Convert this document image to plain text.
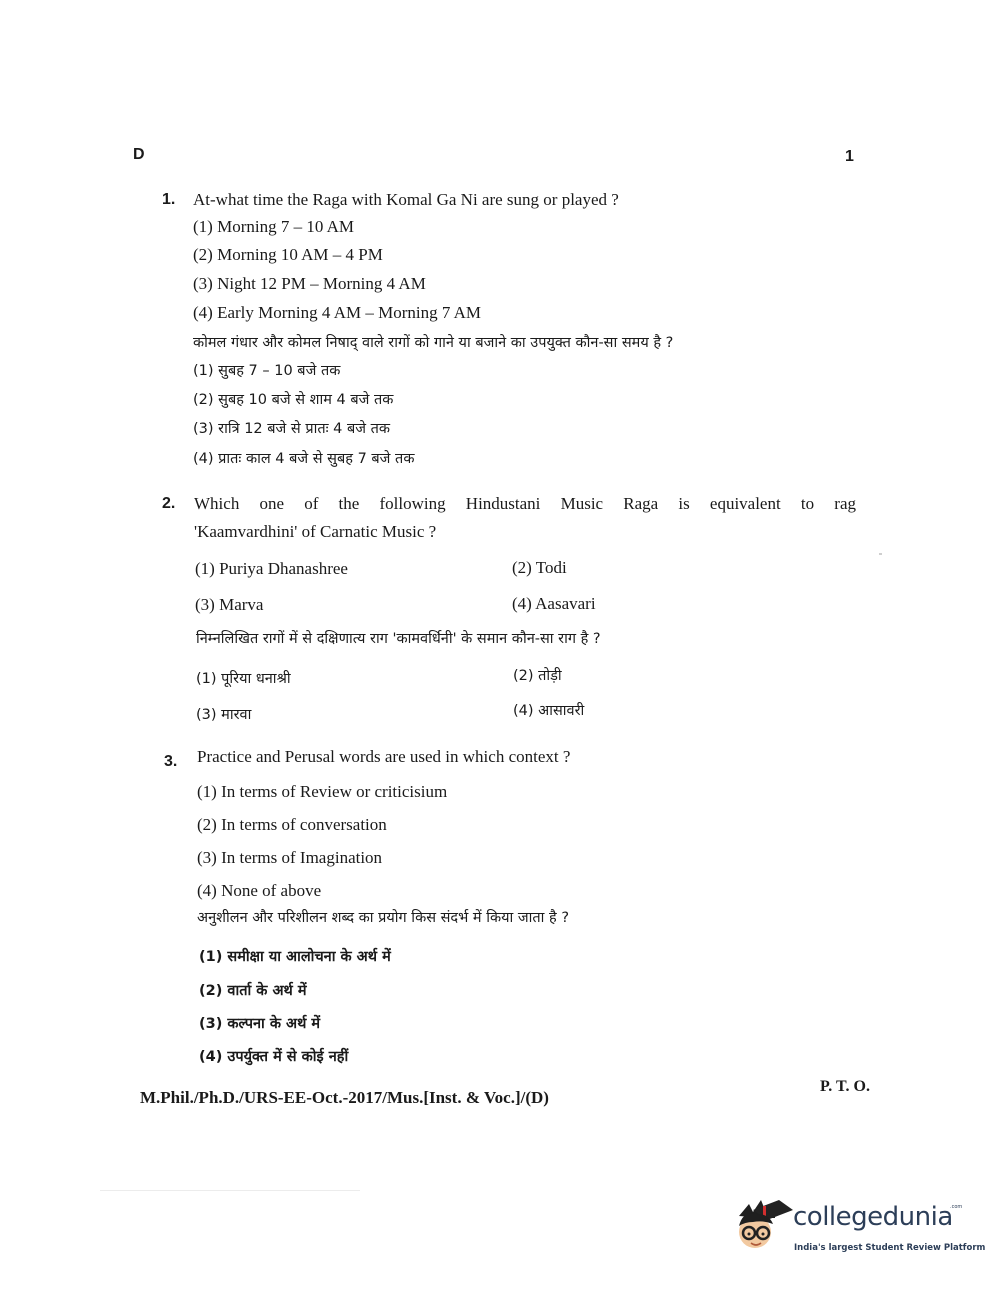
D	1
1. At-what time the Raga with Komal Ga Ni are sung or played ?
(1) Morning 7 – 10 AM
(2) Morning 10 AM – 4 PM
(3) Night 12 PM – Morning 4 AM
(4) Early Morning 4 AM – Morning 7 AM
कोमल गंधार और कोमल निषाद् वाले रागों को गाने या बजाने का उपयुक्त कौन-सा समय है ?
(1) सुबह 7 – 10 बजे तक
(2) सुबह 10 बजे से शाम 4 बजे तक
(3) रात्रि 12 बजे से प्रातः 4 बजे तक
(4) प्रातः काल 4 बजे से सुबह 7 बजे तक
2. Which one of the following Hindustani Music Raga is equivalent to rag
'Kaamvardhini' of Carnatic Music ?
(1) Puriya Dhanashree	(2) Todi
(3) Marva	(4) Aasavari
निम्नलिखित रागों में से दक्षिणात्य राग 'कामवर्धिनी' के समान कौन-सा राग है ?
(1) पूरिया धनाश्री	(2) तोड़ी
(3) मारवा	(4) आसावरी
3. Practice and Perusal words are used in which context ?
(1) In terms of Review or criticisium
(2) In terms of conversation
(3) In terms of Imagination
(4) None of above
अनुशीलन और परिशीलन शब्द का प्रयोग किस संदर्भ में किया जाता है ?
(1) समीक्षा या आलोचना के अर्थ में
(2) वार्ता के अर्थ में
(3) कल्पना के अर्थ में
(4) उपर्युक्त में से कोई नहीं
P. T. O.
M.Phil./Ph.D./URS-EE-Oct.-2017/Mus.[Inst. & Voc.]/(D)
collegedunia
.com
India's largest Student Review Platform
